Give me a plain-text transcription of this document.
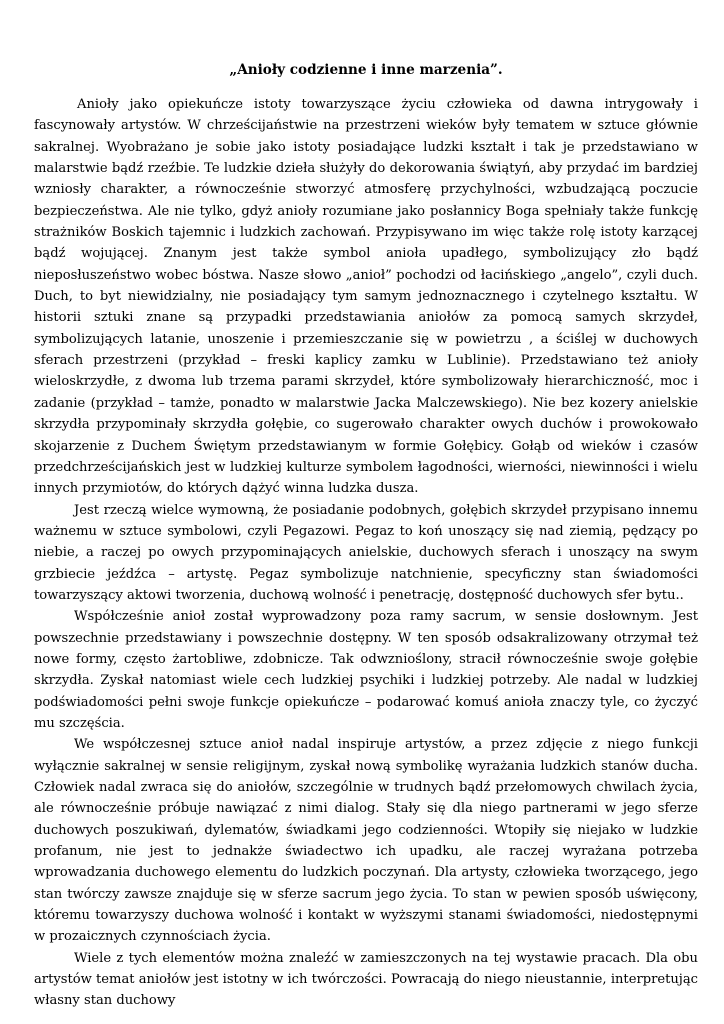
„Anioły codzienne i inne marzenia”.

Anioły jako opiekuńcze istoty towarzyszące życiu człowieka od dawna intrygowały i fascynowały artystów. W chrześcijaństwie na przestrzeni wieków były tematem w sztuce głównie sakralnej. Wyobrażano je sobie jako istoty posiadające ludzki kształt i tak je przedstawiano w malarstwie bądź rzeźbie. Te ludzkie dzieła służyły do dekorowania świątyń, aby przydać im bardziej wzniosły charakter, a równocześnie stworzyć atmosferę przychylności, wzbudzającą poczucie bezpieczeństwa. Ale nie tylko, gdyż anioły rozumiane jako posłannicy Boga spełniały także funkcję strażników Boskich tajemnic i ludzkich zachowań. Przypisywano im więc także rolę istoty karzącej bądź wojującej. Znanym jest także symbol anioła upadłego, symbolizujący zło bądź nieposłuszeństwo wobec bóstwa. Nasze słowo „anioł” pochodzi od łacińskiego „angelo”, czyli duch. Duch, to byt niewidzialny, nie posiadający tym samym jednoznacznego i czytelnego kształtu. W historii sztuki znane są przypadki przedstawiania aniołów za pomocą samych skrzydeł, symbolizujących latanie, unoszenie i przemieszczanie się w powietrzu , a ściślej w duchowych sferach przestrzeni (przykład – freski kaplicy zamku w Lublinie). Przedstawiano też anioły wieloskrzydłe, z dwoma lub trzema parami skrzydeł, które symbolizowały hierarchiczność, moc i zadanie (przykład – tamże, ponadto w malarstwie Jacka Malczewskiego). Nie bez kozery anielskie skrzydła przypominały skrzydła gołębie, co sugerowało charakter owych duchów i prowokowało skojarzenie z Duchem Świętym przedstawianym w formie Gołębicy. Gołąb od wieków i czasów przedchrześcijańskich jest w ludzkiej kulturze symbolem łagodności, wierności, niewinności i wielu innych przymiotów, do których dążyć winna ludzka dusza.

Jest rzeczą wielce wymowną, że posiadanie podobnych, gołębich skrzydeł przypisano innemu ważnemu w sztuce symbolowi, czyli Pegazowi. Pegaz to koń unoszący się nad ziemią, pędzący po niebie, a raczej po owych przypominających anielskie, duchowych sferach i unoszący na swym grzbiecie jeźdźca – artystę. Pegaz symbolizuje natchnienie, specyficzny stan świadomości towarzyszący aktowi tworzenia, duchową wolność i penetrację, dostępność duchowych sfer bytu..

Współcześnie anioł został wyprowadzony poza ramy sacrum, w sensie dosłownym. Jest powszechnie przedstawiany i powszechnie dostępny. W ten sposób odsakralizowany otrzymał też nowe formy, często żartobliwe, zdobnicze. Tak odwznioślony, stracił równocześnie swoje gołębie skrzydła. Zyskał natomiast wiele cech ludzkiej psychiki i ludzkiej potrzeby. Ale nadal w ludzkiej podświadomości pełni swoje funkcje opiekuńcze – podarować komuś anioła znaczy tyle, co życzyć mu szczęścia.

We współczesnej sztuce anioł nadal inspiruje artystów, a przez zdjęcie z niego funkcji wyłącznie sakralnej w sensie religijnym, zyskał nową symbolikę wyrażania ludzkich stanów ducha. Człowiek nadal zwraca się do aniołów, szczególnie w trudnych bądź przełomowych chwilach życia, ale równocześnie próbuje nawiązać z nimi dialog. Stały się dla niego partnerami w jego sferze duchowych poszukiwań, dylematów, świadkami jego codzienności. Wtopiły się niejako w ludzkie profanum, nie jest to jednakże świadectwo ich upadku, ale raczej wyrażana potrzeba wprowadzania duchowego elementu do ludzkich poczynań. Dla artysty, człowieka tworzącego, jego stan twórczy zawsze znajduje się w sferze sacrum jego życia. To stan w pewien sposób uświęcony, któremu towarzyszy duchowa wolność i kontakt w wyższymi stanami świadomości, niedostępnymi w prozaicznych czynnościach życia.

Wiele z tych elementów można znaleźć w zamieszczonych na tej wystawie pracach. Dla obu artystów temat aniołów jest istotny w ich twórczości. Powracają do niego nieustannie, interpretując własny stan duchowy
